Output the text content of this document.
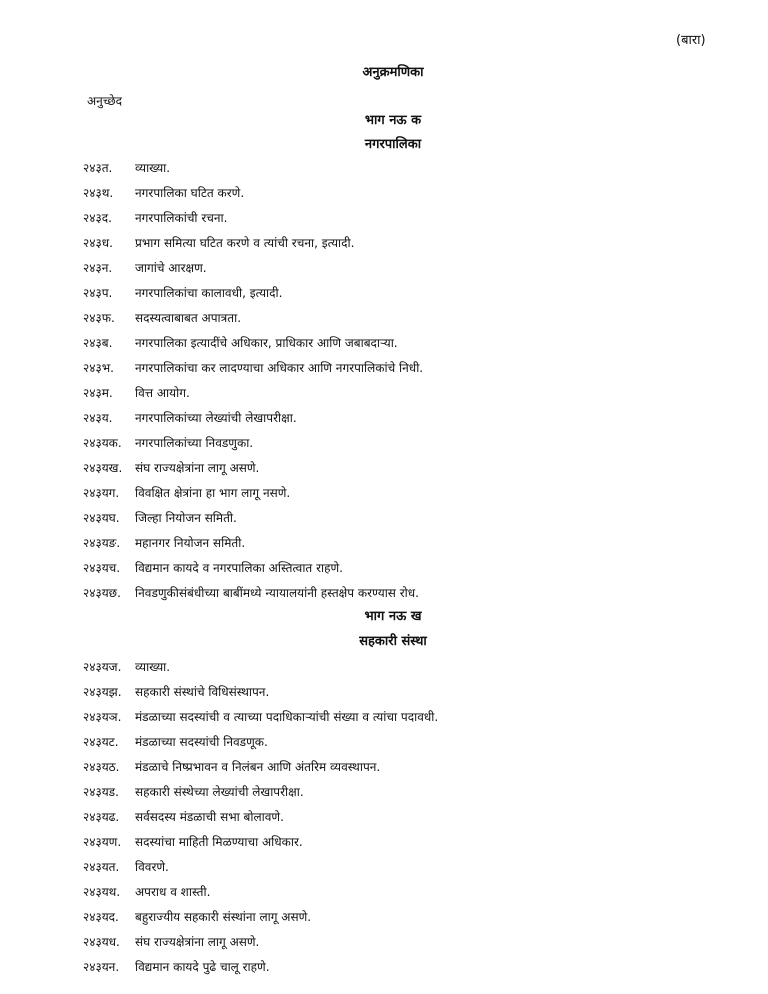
(बारा)
अनुक्रमणिका
अनुच्छेद
भाग नऊ क
नगरपालिका
२४३त.	व्याख्या.
२४३थ.	नगरपालिका घटित करणे.
२४३द.	नगरपालिकांची रचना.
२४३ध.	प्रभाग समित्या घटित करणे व त्यांची रचना, इत्यादी.
२४३न.	जागांचे आरक्षण.
२४३प.	नगरपालिकांचा कालावधी, इत्यादी.
२४३फ.	सदस्यत्वाबाबत अपात्रता.
२४३ब.	नगरपालिका इत्यादींचे अधिकार, प्राधिकार आणि जबाबदाऱ्या.
२४३भ.	नगरपालिकांचा कर लादण्याचा अधिकार आणि नगरपालिकांचे निधी.
२४३म.	वित्त आयोग.
२४३य.	नगरपालिकांच्या लेख्यांची लेखापरीक्षा.
२४३यक.	नगरपालिकांच्या निवडणुका.
२४३यख.	संघ राज्यक्षेत्रांना लागू असणे.
२४३यग.	विवक्षित क्षेत्रांना हा भाग लागू नसणे.
२४३यघ.	जिल्हा नियोजन समिती.
२४३यङ.	महानगर नियोजन समिती.
२४३यच.	विद्यमान कायदे व नगरपालिका अस्तित्वात राहणे.
२४३यछ.	निवडणुकीसंबंधीच्या बाबींमध्ये न्यायालयांनी हस्तक्षेप करण्यास रोध.
भाग नऊ ख
सहकारी संस्था
२४३यज.	व्याख्या.
२४३यझ.	सहकारी संस्थांचे विधिसंस्थापन.
२४३यञ.	मंडळाच्या सदस्यांची व त्याच्या पदाधिकाऱ्यांची संख्या व त्यांचा पदावधी.
२४३यट.	मंडळाच्या सदस्यांची निवडणूक.
२४३यठ.	मंडळाचे निष्प्रभावन व निलंबन आणि अंतरिम व्यवस्थापन.
२४३यड.	सहकारी संस्थेच्या लेख्यांची लेखापरीक्षा.
२४३यढ.	सर्वसदस्य मंडळाची सभा बोलावणे.
२४३यण.	सदस्यांचा माहिती मिळण्याचा अधिकार.
२४३यत.	विवरणे.
२४३यथ.	अपराध व शास्ती.
२४३यद.	बहुराज्यीय सहकारी संस्थांना लागू असणे.
२४३यध.	संघ राज्यक्षेत्रांना लागू असणे.
२४३यन.	विद्यमान कायदे पुढे चालू राहणे.
